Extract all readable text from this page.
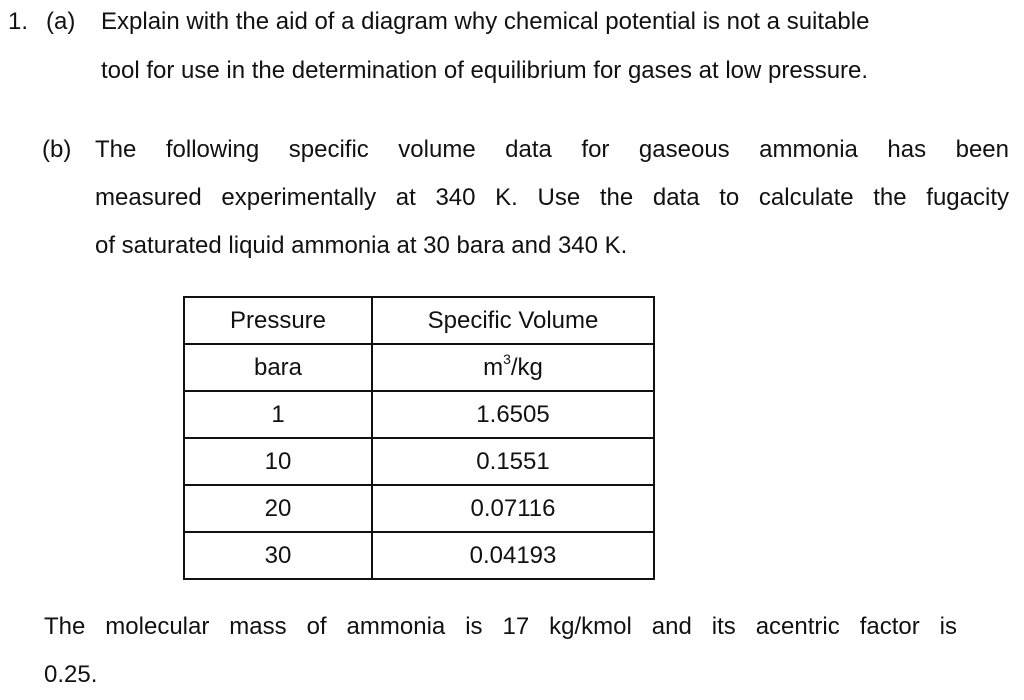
1. (a) Explain with the aid of a diagram why chemical potential is not a suitable
tool for use in the determination of equilibrium for gases at low pressure.
(b) The following specific volume data for gaseous ammonia has been
measured experimentally at 340 K. Use the data to calculate the fugacity
of saturated liquid ammonia at 30 bara and 340 K.
Pressure	Specific Volume
bara	$m^3/kg$
1	1.6505
10	0.1551
20	0.07116
30	0.04193
The molecular mass of ammonia is 17 kg/kmol and its acentric factor is
0.25.
